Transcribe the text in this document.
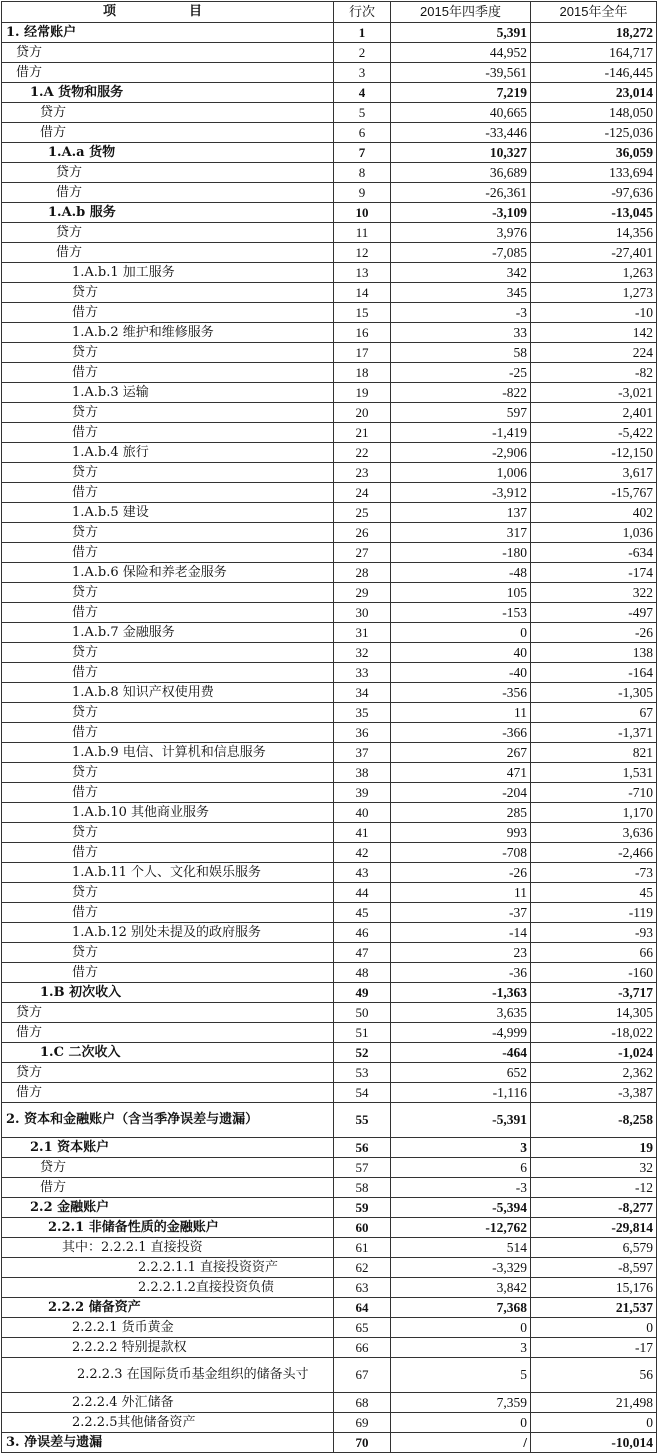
项　目	行次	2015年四季度	2015年全年
1. 经常账户	1	5,391	18,272
贷方	2	44,952	164,717
借方	3	-39,561	-146,445
1.A 货物和服务	4	7,219	23,014
贷方	5	40,665	148,050
借方	6	-33,446	-125,036
1.A.a 货物	7	10,327	36,059
贷方	8	36,689	133,694
借方	9	-26,361	-97,636
1.A.b 服务	10	-3,109	-13,045
贷方	11	3,976	14,356
借方	12	-7,085	-27,401
1.A.b.1 加工服务	13	342	1,263
贷方	14	345	1,273
借方	15	-3	-10
1.A.b.2 维护和维修服务	16	33	142
贷方	17	58	224
借方	18	-25	-82
1.A.b.3 运输	19	-822	-3,021
贷方	20	597	2,401
借方	21	-1,419	-5,422
1.A.b.4 旅行	22	-2,906	-12,150
贷方	23	1,006	3,617
借方	24	-3,912	-15,767
1.A.b.5 建设	25	137	402
贷方	26	317	1,036
借方	27	-180	-634
1.A.b.6 保险和养老金服务	28	-48	-174
贷方	29	105	322
借方	30	-153	-497
1.A.b.7 金融服务	31	0	-26
贷方	32	40	138
借方	33	-40	-164
1.A.b.8 知识产权使用费	34	-356	-1,305
贷方	35	11	67
借方	36	-366	-1,371
1.A.b.9 电信、计算机和信息服务	37	267	821
贷方	38	471	1,531
借方	39	-204	-710
1.A.b.10 其他商业服务	40	285	1,170
贷方	41	993	3,636
借方	42	-708	-2,466
1.A.b.11 个人、文化和娱乐服务	43	-26	-73
贷方	44	11	45
借方	45	-37	-119
1.A.b.12 别处未提及的政府服务	46	-14	-93
贷方	47	23	66
借方	48	-36	-160
1.B 初次收入	49	-1,363	-3,717
贷方	50	3,635	14,305
借方	51	-4,999	-18,022
1.C 二次收入	52	-464	-1,024
贷方	53	652	2,362
借方	54	-1,116	-3,387
2. 资本和金融账户（含当季净误差与遗漏）	55	-5,391	-8,258
2.1 资本账户	56	3	19
贷方	57	6	32
借方	58	-3	-12
2.2 金融账户	59	-5,394	-8,277
2.2.1 非储备性质的金融账户	60	-12,762	-29,814
其中：2.2.2.1 直接投资	61	514	6,579
2.2.2.1.1 直接投资资产	62	-3,329	-8,597
2.2.2.1.2直接投资负债	63	3,842	15,176
2.2.2 储备资产	64	7,368	21,537
2.2.2.1 货币黄金	65	0	0
2.2.2.2 特别提款权	66	3	-17
2.2.2.3 在国际货币基金组织的储备头寸	67	5	56
2.2.2.4 外汇储备	68	7,359	21,498
2.2.2.5其他储备资产	69	0	0
3. 净误差与遗漏	70	/	-10,014
